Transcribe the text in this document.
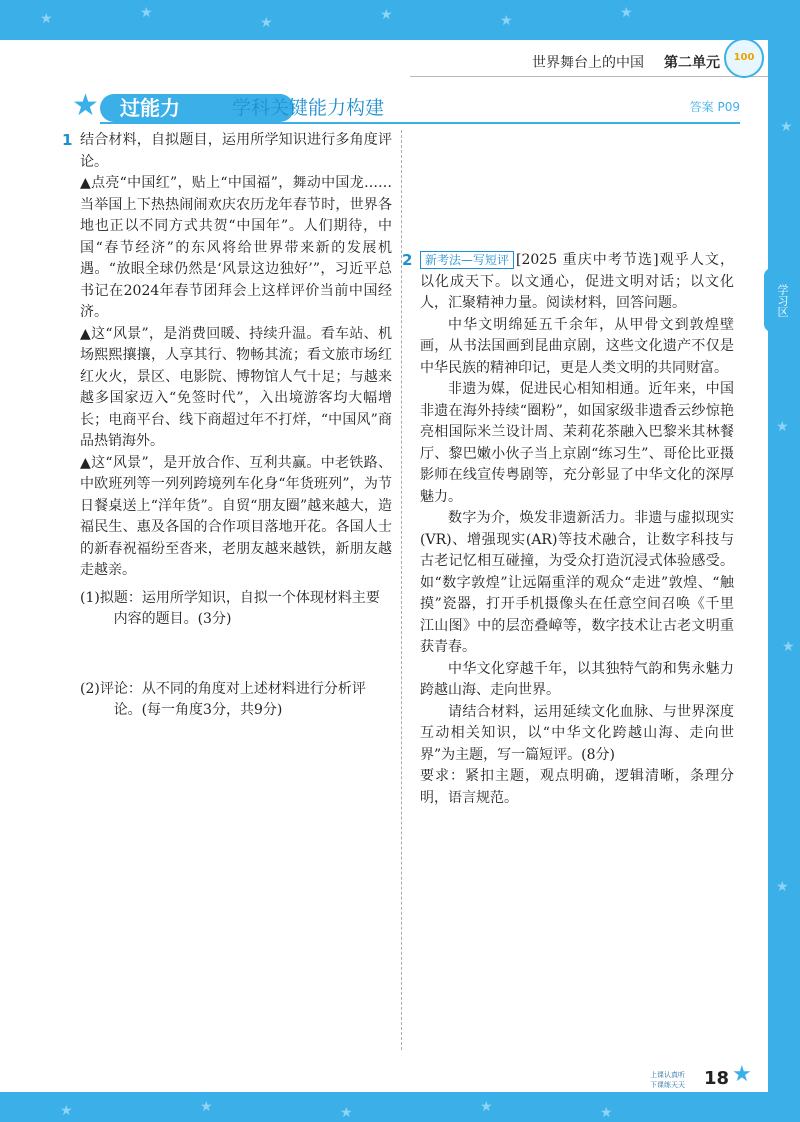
★	★
★	★	★	★
★
★
★
★
★	★	★	★	★
世界舞台上的中国 第二单元	100
★	过能力	学科关键能力构建	答案 P09
1 结合材料，自拟题目，运用所学知识进行多角度评论。

▲点亮“中国红”，贴上“中国福”，舞动中国龙……当举国上下热热闹闹欢庆农历龙年春节时，世界各地也正以不同方式共贺“中国年”。人们期待，中国“春节经济”的东风将给世界带来新的发展机遇。“放眼全球仍然是‘风景这边独好’”，习近平总书记在2024年春节团拜会上这样评价当前中国经济。

▲这“风景”，是消费回暖、持续升温。看车站、机场熙熙攘攘，人享其行、物畅其流；看文旅市场红红火火，景区、电影院、博物馆人气十足；与越来越多国家迈入“免签时代”，入出境游客均大幅增长；电商平台、线下商超过年不打烊，“中国风”商品热销海外。

▲这“风景”，是开放合作、互利共赢。中老铁路、中欧班列等一列列跨境列车化身“年货班列”，为节日餐桌送上“洋年货”。自贸“朋友圈”越来越大，造福民生、惠及各国的合作项目落地开花。各国人士的新春祝福纷至沓来，老朋友越来越铁，新朋友越走越亲。

(1)拟题：运用所学知识，自拟一个体现材料主要内容的题目。(3分)

(2)评论：从不同的角度对上述材料进行分析评论。(每一角度3分，共9分)

2	新考法—写短评 [2025 重庆中考节选]观乎人文，以化成天下。以文通心，促进文明对话；以文化人，汇聚精神力量。阅读材料，回答问题。

中华文明绵延五千余年，从甲骨文到敦煌壁画，从书法国画到昆曲京剧，这些文化遗产不仅是中华民族的精神印记，更是人类文明的共同财富。

非遗为媒，促进民心相知相通。近年来，中国非遗在海外持续“圈粉”，如国家级非遗香云纱惊艳亮相国际米兰设计周、茉莉花茶融入巴黎米其林餐厅、黎巴嫩小伙子当上京剧“练习生”、哥伦比亚摄影师在线宣传粤剧等，充分彰显了中华文化的深厚魅力。

数字为介，焕发非遗新活力。非遗与虚拟现实(VR)、增强现实(AR)等技术融合，让数字科技与古老记忆相互碰撞，为受众打造沉浸式体验感受。如“数字敦煌”让远隔重洋的观众“走进”敦煌、“触摸”瓷器，打开手机摄像头在任意空间召唤《千里江山图》中的层峦叠嶂等，数字技术让古老文明重获青春。

中华文化穿越千年，以其独特气韵和隽永魅力跨越山海、走向世界。

请结合材料，运用延续文化血脉、与世界深度互动相关知识，以“中华文化跨越山海、走向世界”为主题，写一篇短评。(8分)

要求：紧扣主题，观点明确，逻辑清晰，条理分明，语言规范。

学习区
上课认真听
下课练天天	18 ★
